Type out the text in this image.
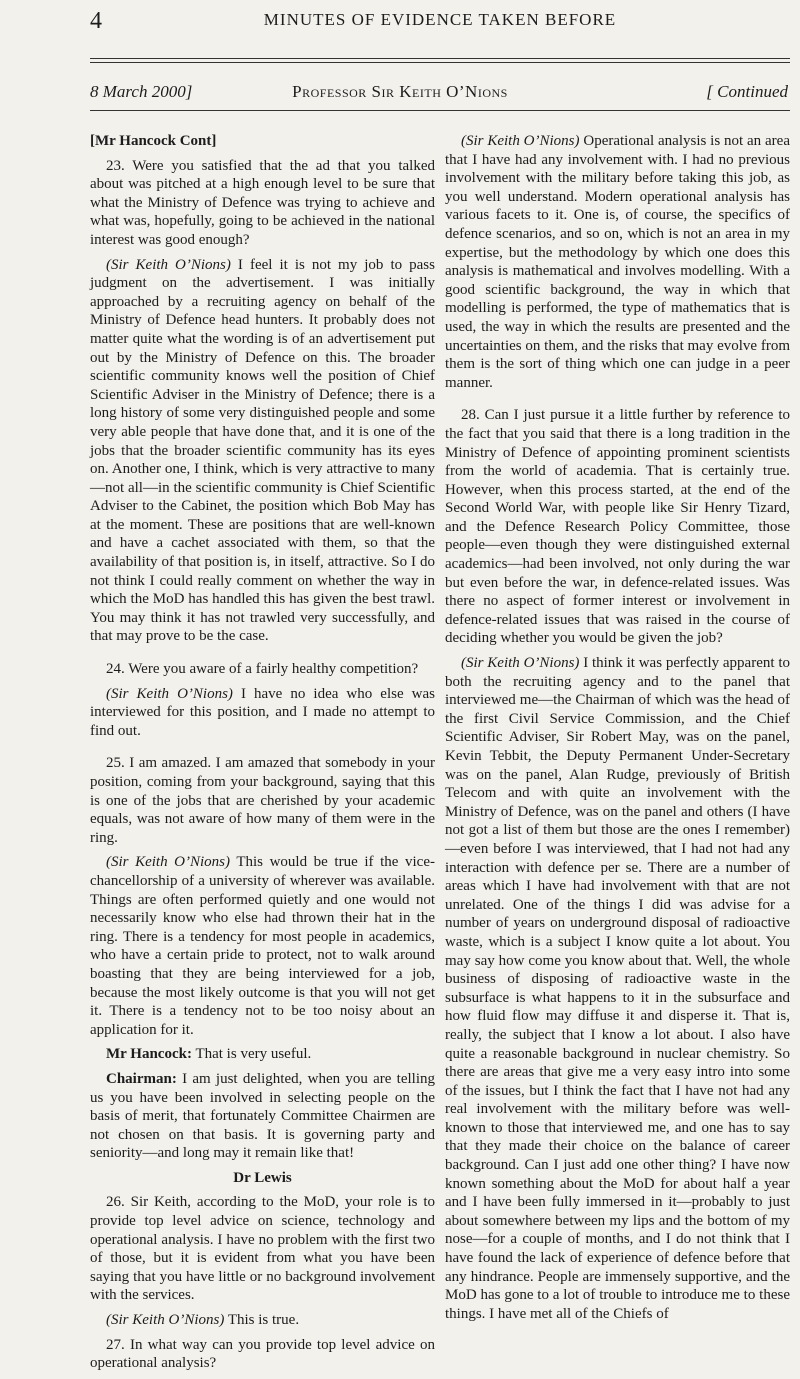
4	MINUTES OF EVIDENCE TAKEN BEFORE
8 March 2000]	Professor Sir Keith O’Nions	[ Continued

[Mr Hancock Cont]

23. Were you satisfied that the ad that you talked about was pitched at a high enough level to be sure that what the Ministry of Defence was trying to achieve and what was, hopefully, going to be achieved in the national interest was good enough?

(Sir Keith O’Nions) I feel it is not my job to pass judgment on the advertisement. I was initially approached by a recruiting agency on behalf of the Ministry of Defence head hunters. It probably does not matter quite what the wording is of an advertisement put out by the Ministry of Defence on this. The broader scientific community knows well the position of Chief Scientific Adviser in the Ministry of Defence; there is a long history of some very distinguished people and some very able people that have done that, and it is one of the jobs that the broader scientific community has its eyes on. Another one, I think, which is very attractive to many—not all—in the scientific community is Chief Scientific Adviser to the Cabinet, the position which Bob May has at the moment. These are positions that are well-known and have a cachet associated with them, so that the availability of that position is, in itself, attractive. So I do not think I could really comment on whether the way in which the MoD has handled this has given the best trawl. You may think it has not trawled very successfully, and that may prove to be the case.

24. Were you aware of a fairly healthy competition?

(Sir Keith O’Nions) I have no idea who else was interviewed for this position, and I made no attempt to find out.

25. I am amazed. I am amazed that somebody in your position, coming from your background, saying that this is one of the jobs that are cherished by your academic equals, was not aware of how many of them were in the ring.

(Sir Keith O’Nions) This would be true if the vice-chancellorship of a university of wherever was available. Things are often performed quietly and one would not necessarily know who else had thrown their hat in the ring. There is a tendency for most people in academics, who have a certain pride to protect, not to walk around boasting that they are being interviewed for a job, because the most likely outcome is that you will not get it. There is a tendency not to be too noisy about an application for it.

Mr Hancock: That is very useful.

Chairman: I am just delighted, when you are telling us you have been involved in selecting people on the basis of merit, that fortunately Committee Chairmen are not chosen on that basis. It is governing party and seniority—and long may it remain like that!

Dr Lewis

26. Sir Keith, according to the MoD, your role is to provide top level advice on science, technology and operational analysis. I have no problem with the first two of those, but it is evident from what you have been saying that you have little or no background involvement with the services.

(Sir Keith O’Nions) This is true.

27. In what way can you provide top level advice on operational analysis?

(Sir Keith O’Nions) Operational analysis is not an area that I have had any involvement with. I had no previous involvement with the military before taking this job, as you well understand. Modern operational analysis has various facets to it. One is, of course, the specifics of defence scenarios, and so on, which is not an area in my expertise, but the methodology by which one does this analysis is mathematical and involves modelling. With a good scientific background, the way in which that modelling is performed, the type of mathematics that is used, the way in which the results are presented and the uncertainties on them, and the risks that may evolve from them is the sort of thing which one can judge in a peer manner.

28. Can I just pursue it a little further by reference to the fact that you said that there is a long tradition in the Ministry of Defence of appointing prominent scientists from the world of academia. That is certainly true. However, when this process started, at the end of the Second World War, with people like Sir Henry Tizard, and the Defence Research Policy Committee, those people—even though they were distinguished external academics—had been involved, not only during the war but even before the war, in defence-related issues. Was there no aspect of former interest or involvement in defence-related issues that was raised in the course of deciding whether you would be given the job?

(Sir Keith O’Nions) I think it was perfectly apparent to both the recruiting agency and to the panel that interviewed me—the Chairman of which was the head of the first Civil Service Commission, and the Chief Scientific Adviser, Sir Robert May, was on the panel, Kevin Tebbit, the Deputy Permanent Under-Secretary was on the panel, Alan Rudge, previously of British Telecom and with quite an involvement with the Ministry of Defence, was on the panel and others (I have not got a list of them but those are the ones I remember)—even before I was interviewed, that I had not had any interaction with defence per se. There are a number of areas which I have had involvement with that are not unrelated. One of the things I did was advise for a number of years on underground disposal of radioactive waste, which is a subject I know quite a lot about. You may say how come you know about that. Well, the whole business of disposing of radioactive waste in the subsurface is what happens to it in the subsurface and how fluid flow may diffuse it and disperse it. That is, really, the subject that I know a lot about. I also have quite a reasonable background in nuclear chemistry. So there are areas that give me a very easy intro into some of the issues, but I think the fact that I have not had any real involvement with the military before was well-known to those that interviewed me, and one has to say that they made their choice on the balance of career background. Can I just add one other thing? I have now known something about the MoD for about half a year and I have been fully immersed in it—probably to just about somewhere between my lips and the bottom of my nose—for a couple of months, and I do not think that I have found the lack of experience of defence before that any hindrance. People are immensely supportive, and the MoD has gone to a lot of trouble to introduce me to these things. I have met all of the Chiefs of
